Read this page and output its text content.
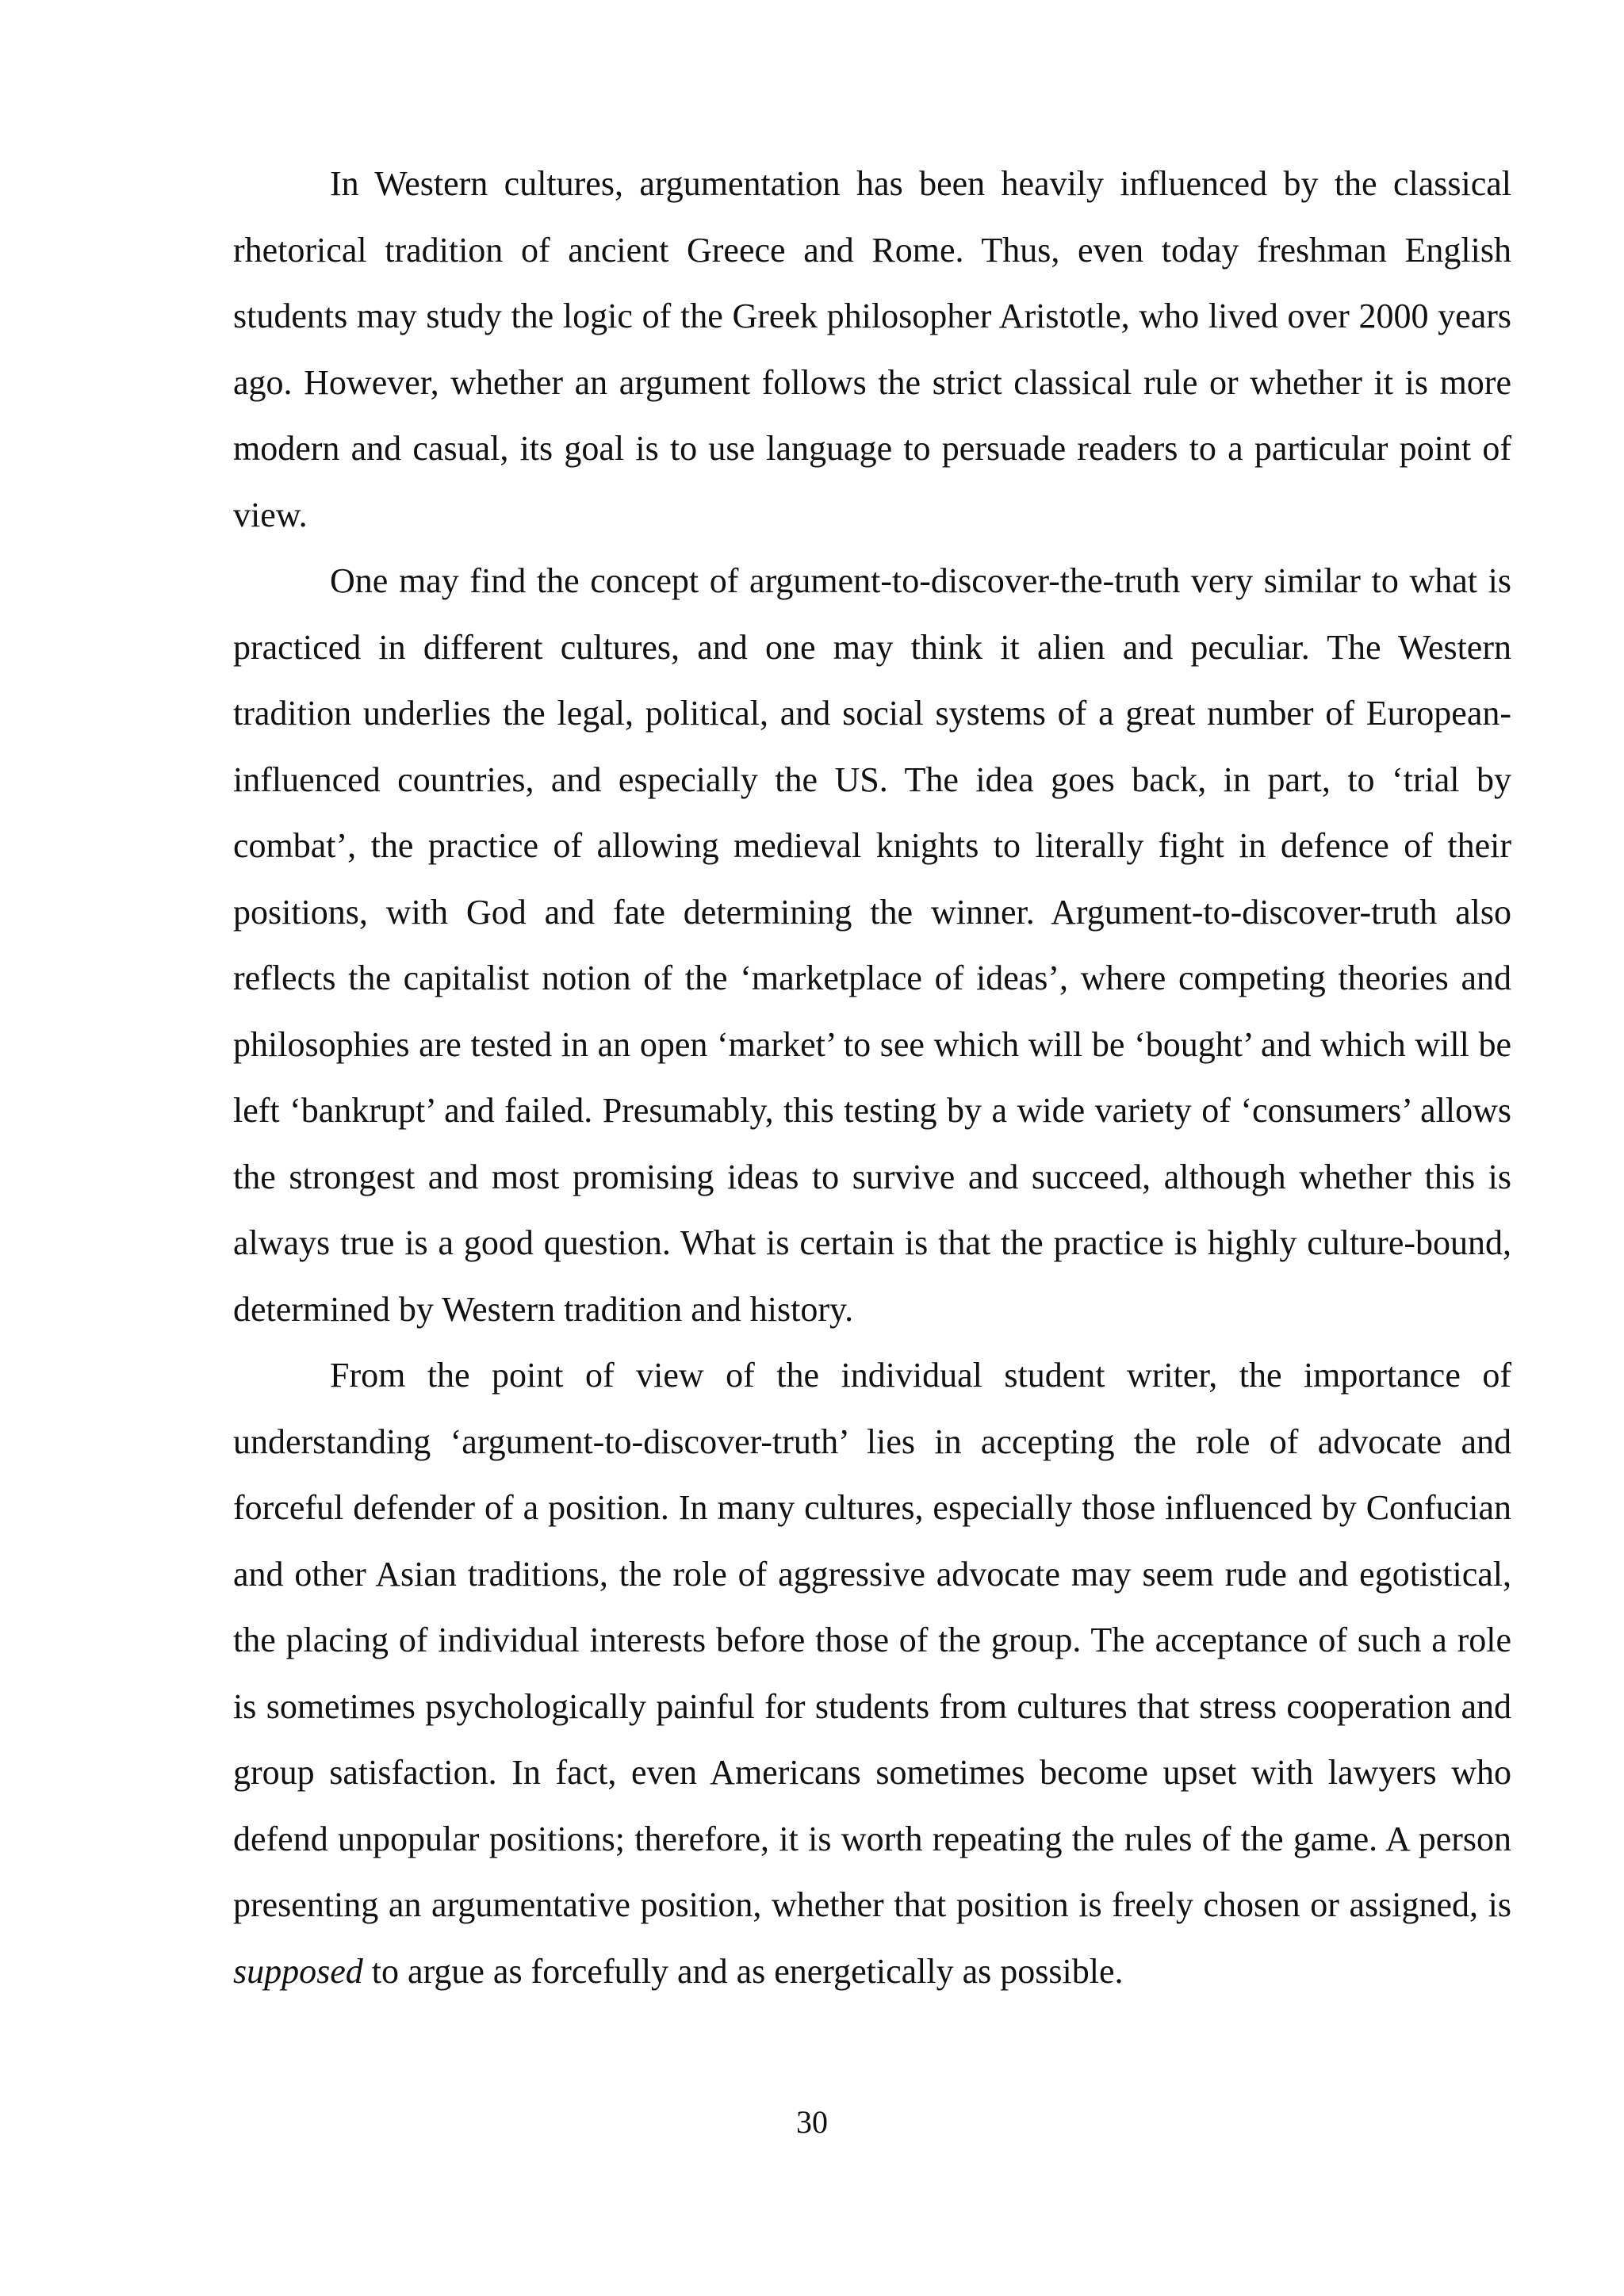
In Western cultures, argumentation has been heavily influenced by the classical rhetorical tradition of ancient Greece and Rome. Thus, even today freshman English students may study the logic of the Greek philosopher Aristotle, who lived over 2000 years ago. However, whether an argument follows the strict classical rule or whether it is more modern and casual, its goal is to use language to persuade readers to a particular point of view.

One may find the concept of argument-to-discover-the-truth very similar to what is practiced in different cultures, and one may think it alien and peculiar. The Western tradition underlies the legal, political, and social systems of a great number of European-influenced countries, and especially the US. The idea goes back, in part, to ‘trial by combat’, the practice of allowing medieval knights to literally fight in defence of their positions, with God and fate determining the winner. Argument-to-discover-truth also reflects the capitalist notion of the ‘marketplace of ideas’, where competing theories and philosophies are tested in an open ‘market’ to see which will be ‘bought’ and which will be left ‘bankrupt’ and failed. Presumably, this testing by a wide variety of ‘consumers’ allows the strongest and most promising ideas to survive and succeed, although whether this is always true is a good question. What is certain is that the practice is highly culture-bound, determined by Western tradition and history.

From the point of view of the individual student writer, the importance of understanding ‘argument-to-discover-truth’ lies in accepting the role of advocate and forceful defender of a position. In many cultures, especially those influenced by Confucian and other Asian traditions, the role of aggressive advocate may seem rude and egotistical, the placing of individual interests before those of the group. The acceptance of such a role is sometimes psychologically painful for students from cultures that stress cooperation and group satisfaction. In fact, even Americans sometimes become upset with lawyers who defend unpopular positions; therefore, it is worth repeating the rules of the game. A person presenting an argumentative position, whether that position is freely chosen or assigned, is supposed to argue as forcefully and as energetically as possible.

30
